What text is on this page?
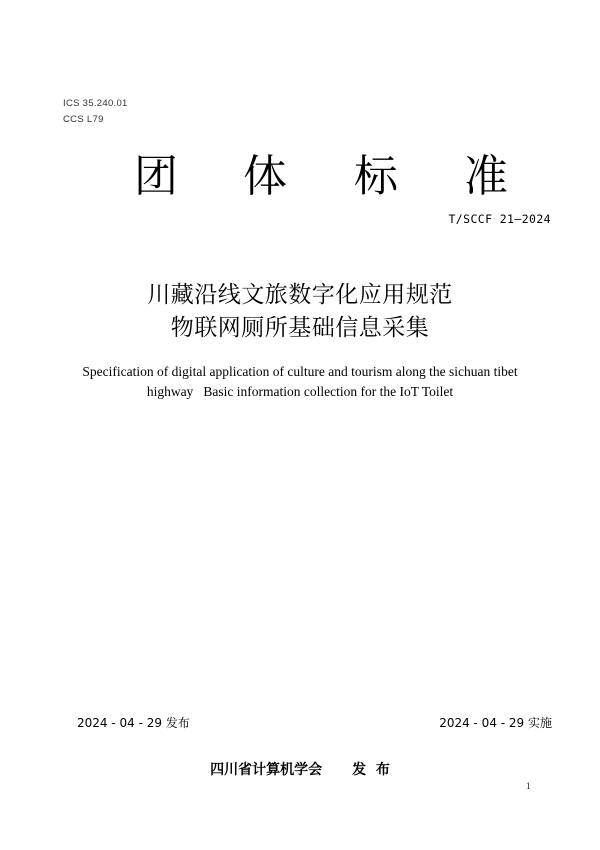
ICS 35.240.01
CCS L79
团 体 标 准
T/SCCF 21—2024
川藏沿线文旅数字化应用规范
物联网厕所基础信息采集
Specification of digital application of culture and tourism along the sichuan tibet
highway   Basic information collection for the IoT Toilet
2024 - 04 - 29 发布	2024 - 04 - 29 实施
四川省计算机学会 发  布
1
